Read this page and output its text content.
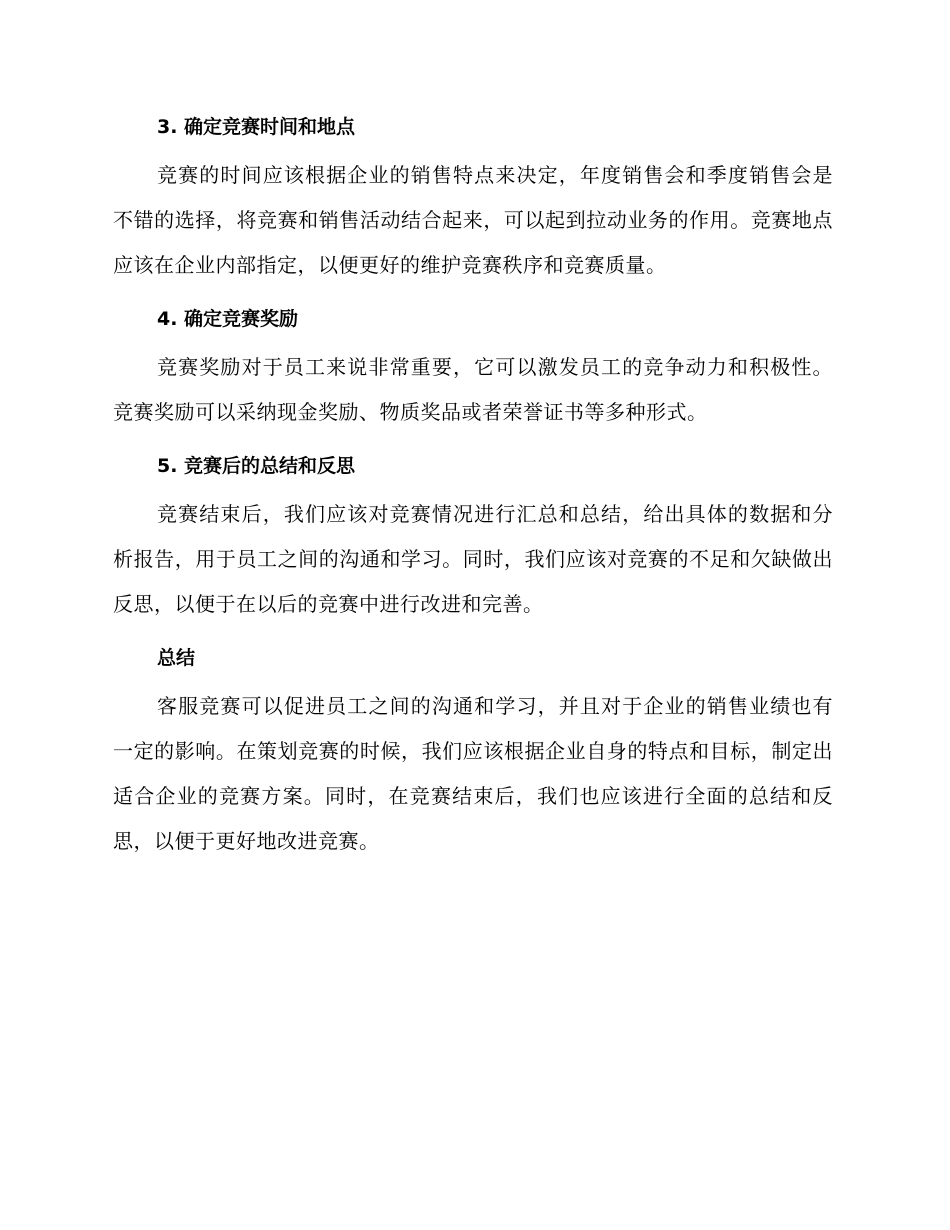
3. 确定竞赛时间和地点

竞赛的时间应该根据企业的销售特点来决定，年度销售会和季度销售会是不错的选择，将竞赛和销售活动结合起来，可以起到拉动业务的作用。竞赛地点应该在企业内部指定，以便更好的维护竞赛秩序和竞赛质量。

4. 确定竞赛奖励

竞赛奖励对于员工来说非常重要，它可以激发员工的竞争动力和积极性。竞赛奖励可以采纳现金奖励、物质奖品或者荣誉证书等多种形式。

5. 竞赛后的总结和反思

竞赛结束后，我们应该对竞赛情况进行汇总和总结，给出具体的数据和分析报告，用于员工之间的沟通和学习。同时，我们应该对竞赛的不足和欠缺做出反思，以便于在以后的竞赛中进行改进和完善。

总结

客服竞赛可以促进员工之间的沟通和学习，并且对于企业的销售业绩也有一定的影响。在策划竞赛的时候，我们应该根据企业自身的特点和目标，制定出适合企业的竞赛方案。同时，在竞赛结束后，我们也应该进行全面的总结和反思，以便于更好地改进竞赛。
